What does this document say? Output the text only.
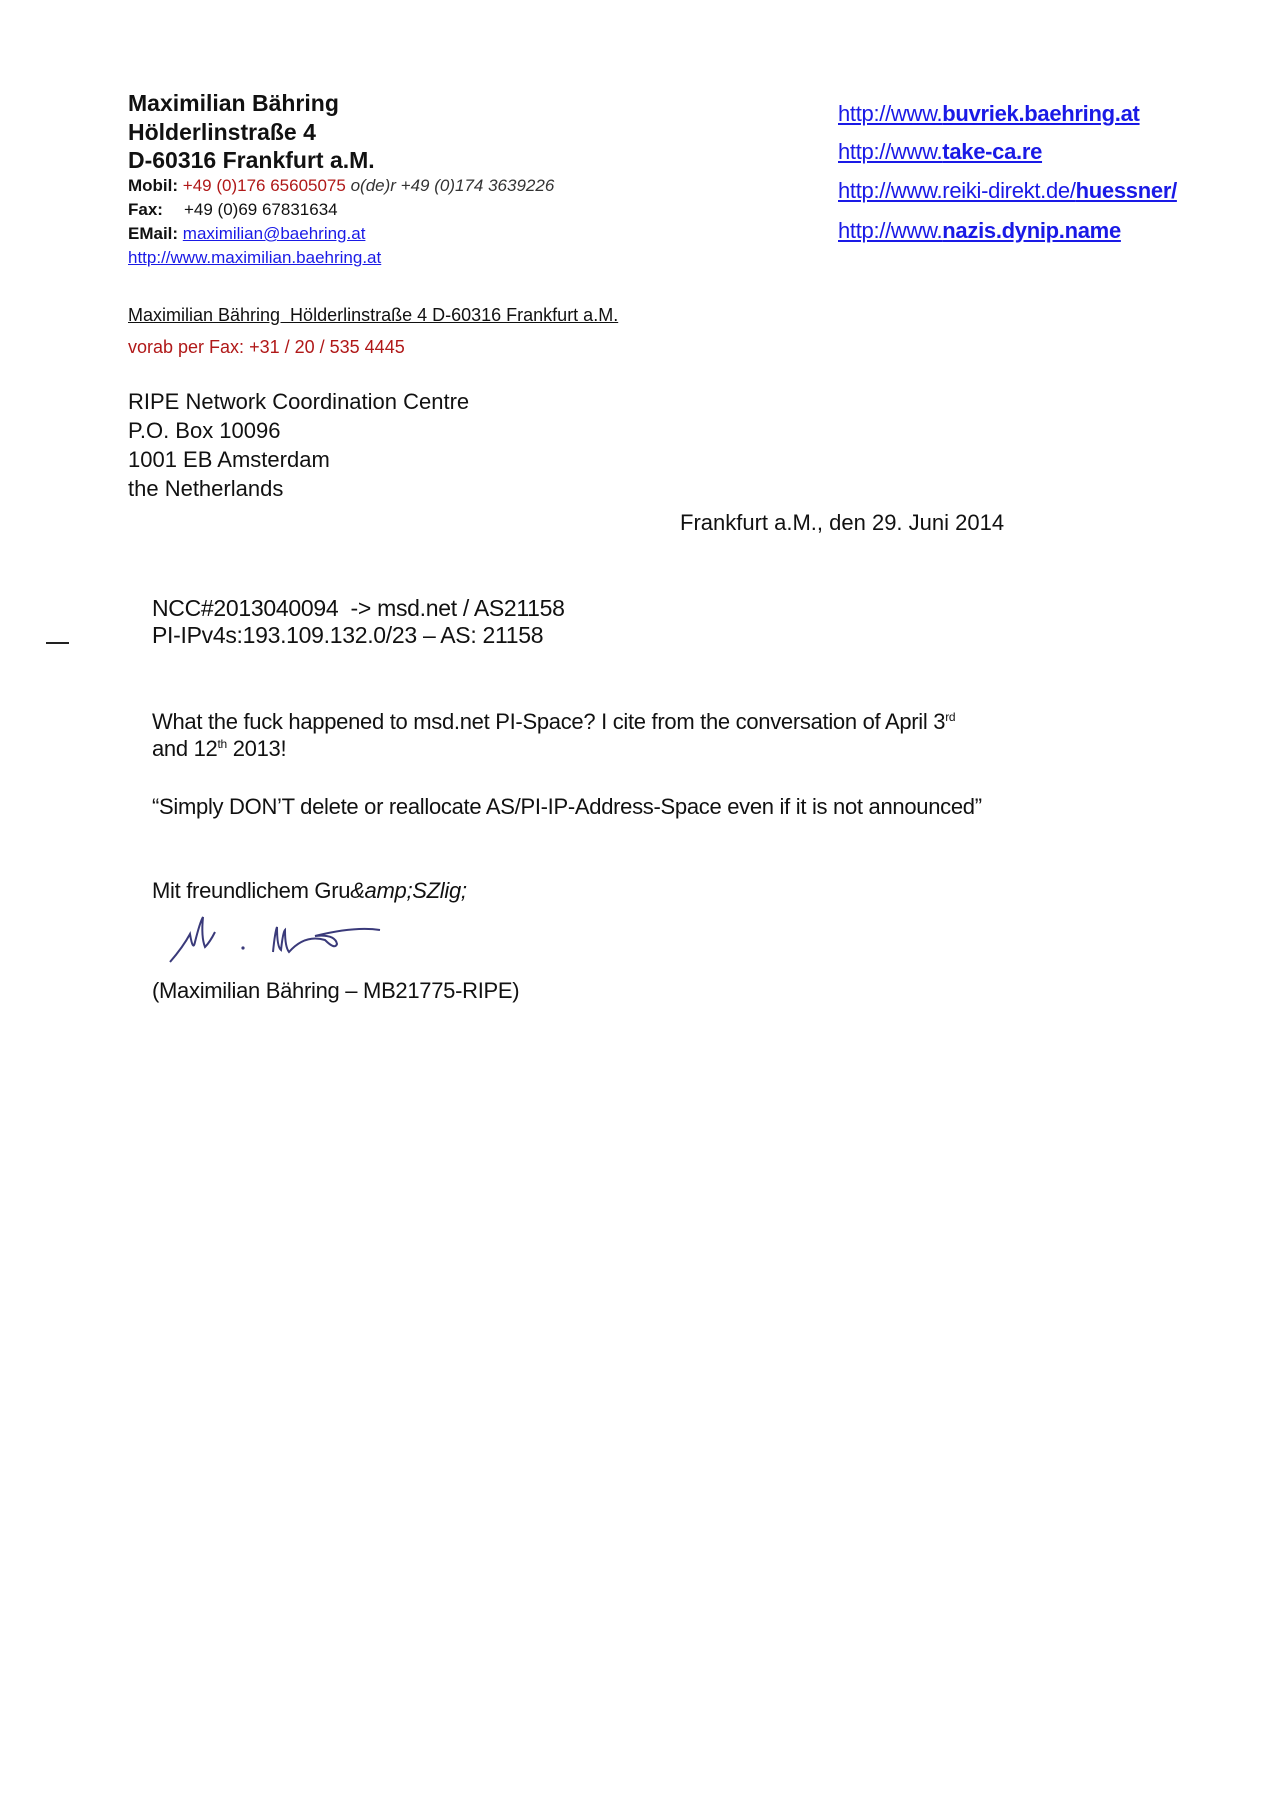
Maximilian Bähring
Hölderlinstraße 4
D-60316 Frankfurt a.M.
Mobil: +49 (0)176 65605075 o(de)r +49 (0)174 3639226
Fax: +49 (0)69 67831634
EMail: maximilian@baehring.at
http://www.maximilian.baehring.at
http://www.buvriek.baehring.at
http://www.take-ca.re
http://www.reiki-direkt.de/huessner/
http://www.nazis.dynip.name
Maximilian Bähring  Hölderlinstraße 4 D-60316 Frankfurt a.M.
vorab per Fax: +31 / 20 / 535 4445
RIPE Network Coordination Centre
P.O. Box 10096
1001 EB Amsterdam
the Netherlands
Frankfurt a.M., den 29. Juni 2014
NCC#2013040094  -> msd.net / AS21158
PI-IPv4s:193.109.132.0/23 – AS: 21158
What the fuck happened to msd.net PI-Space? I cite from the conversation of April 3rd
and 12th 2013!
“Simply DON’T delete or reallocate AS/PI-IP-Address-Space even if it is not announced”
Mit freundlichem Gru&amp;SZlig;
(Maximilian Bähring – MB21775-RIPE)
